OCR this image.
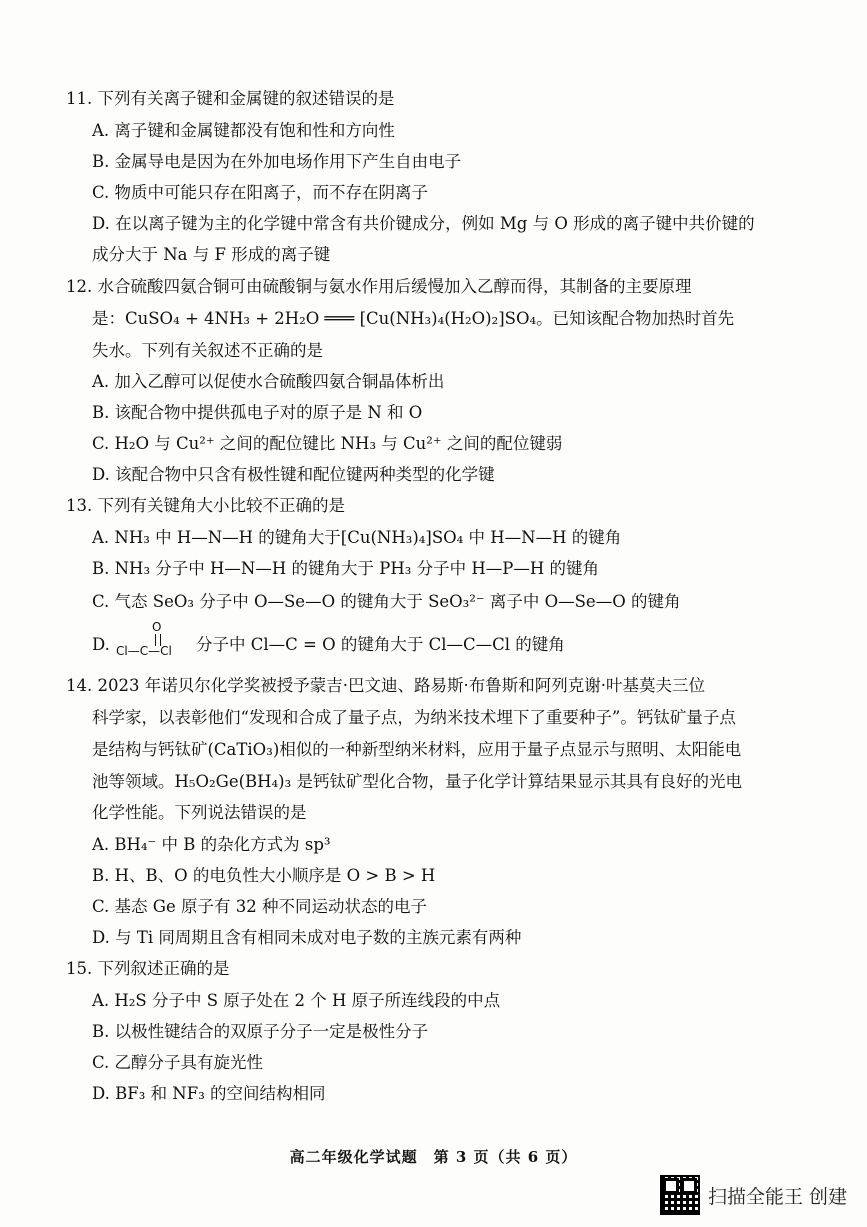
11. 下列有关离子键和金属键的叙述错误的是
A. 离子键和金属键都没有饱和性和方向性
B. 金属导电是因为在外加电场作用下产生自由电子
C. 物质中可能只存在阳离子，而不存在阴离子
D. 在以离子键为主的化学键中常含有共价键成分，例如 Mg 与 O 形成的离子键中共价键的
成分大于 Na 与 F 形成的离子键
12. 水合硫酸四氨合铜可由硫酸铜与氨水作用后缓慢加入乙醇而得，其制备的主要原理
是：CuSO₄ + 4NH₃ + 2H₂O ═══ [Cu(NH₃)₄(H₂O)₂]SO₄。已知该配合物加热时首先
失水。下列有关叙述不正确的是
A. 加入乙醇可以促使水合硫酸四氨合铜晶体析出
B. 该配合物中提供孤电子对的原子是 N 和 O
C. H₂O 与 Cu²⁺ 之间的配位键比 NH₃ 与 Cu²⁺ 之间的配位键弱
D. 该配合物中只含有极性键和配位键两种类型的化学键
13. 下列有关键角大小比较不正确的是
A. NH₃ 中 H—N—H 的键角大于[Cu(NH₃)₄]SO₄ 中 H—N—H 的键角
B. NH₃ 分子中 H—N—H 的键角大于 PH₃ 分子中 H—P—H 的键角
C. 气态 SeO₃ 分子中 O—Se—O 的键角大于 SeO₃²⁻ 离子中 O—Se—O 的键角
D.	分子中 Cl—C = O 的键角大于 Cl—C—Cl 的键角
14. 2023 年诺贝尔化学奖被授予蒙吉·巴文迪、路易斯·布鲁斯和阿列克谢·叶基莫夫三位
科学家，以表彰他们“发现和合成了量子点，为纳米技术埋下了重要种子”。钙钛矿量子点
是结构与钙钛矿(CaTiO₃)相似的一种新型纳米材料，应用于量子点显示与照明、太阳能电
池等领域。H₅O₂Ge(BH₄)₃ 是钙钛矿型化合物，量子化学计算结果显示其具有良好的光电
化学性能。下列说法错误的是
A. BH₄⁻ 中 B 的杂化方式为 sp³
B. H、B、O 的电负性大小顺序是 O > B > H
C. 基态 Ge 原子有 32 种不同运动状态的电子
D. 与 Ti 同周期且含有相同未成对电子数的主族元素有两种
15. 下列叙述正确的是
A. H₂S 分子中 S 原子处在 2 个 H 原子所连线段的中点
B. 以极性键结合的双原子分子一定是极性分子
C. 乙醇分子具有旋光性
D. BF₃ 和 NF₃ 的空间结构相同
O
Cl—C—Cl
高二年级化学试题　第 3 页（共 6 页）
扫描全能王 创建
